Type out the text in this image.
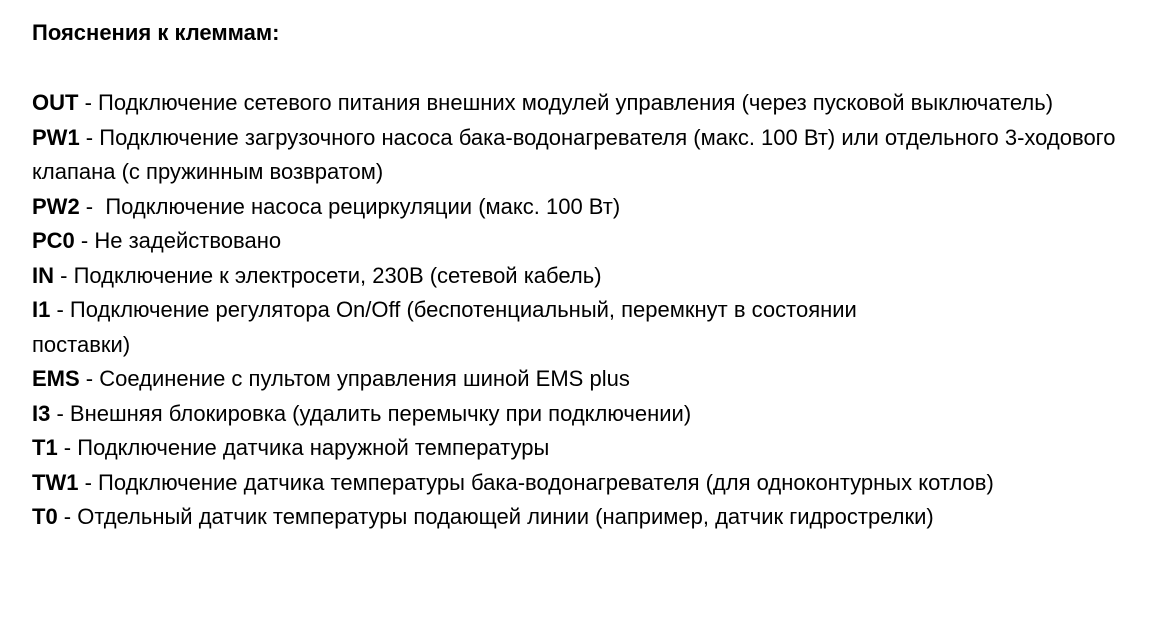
Пояснения к клеммам:
OUT - Подключение сетевого питания внешних модулей управления (через пусковой выключатель)
PW1 - Подключение загрузочного насоса бака-водонагревателя (макс. 100 Вт) или отдельного 3-ходового клапана (с пружинным возвратом)
PW2 -  Подключение насоса рециркуляции (макс. 100 Вт)
PC0 - Не задействовано
IN - Подключение к электросети, 230В (сетевой кабель)
I1 - Подключение регулятора On/Off (беспотенциальный, перемкнут в состоянии поставки)
EMS - Соединение с пультом управления шиной EMS plus
I3 - Внешняя блокировка (удалить перемычку при подключении)
T1 - Подключение датчика наружной температуры
TW1 - Подключение датчика температуры бака-водонагревателя (для одноконтурных котлов)
T0 - Отдельный датчик температуры подающей линии (например, датчик гидрострелки)
